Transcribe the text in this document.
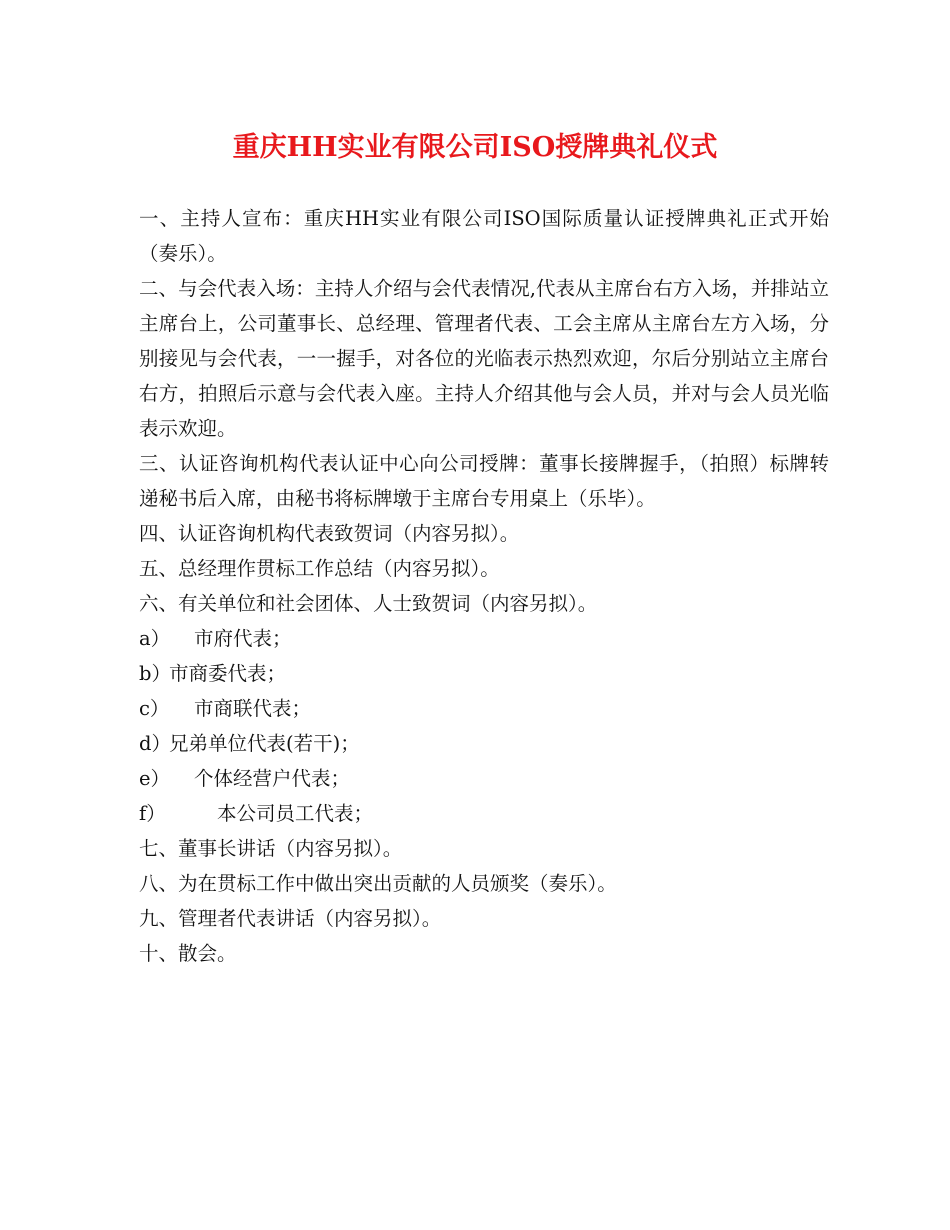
重庆HH实业有限公司ISO授牌典礼仪式

一、主持人宣布：重庆HH实业有限公司ISO国际质量认证授牌典礼正式开始（奏乐）。

二、与会代表入场：主持人介绍与会代表情况,代表从主席台右方入场，并排站立主席台上，公司董事长、总经理、管理者代表、工会主席从主席台左方入场，分别接见与会代表，一一握手，对各位的光临表示热烈欢迎，尔后分别站立主席台右方，拍照后示意与会代表入座。主持人介绍其他与会人员，并对与会人员光临表示欢迎。

三、认证咨询机构代表认证中心向公司授牌：董事长接牌握手，（拍照）标牌转递秘书后入席，由秘书将标牌墩于主席台专用桌上（乐毕）。

四、认证咨询机构代表致贺词（内容另拟）。

五、总经理作贯标工作总结（内容另拟）。

六、有关单位和社会团体、人士致贺词（内容另拟）。

a） 市府代表；
b）市商委代表；
c） 市商联代表；
d）兄弟单位代表(若干)；
e） 个体经营户代表；
f）	本公司员工代表；

七、董事长讲话（内容另拟）。

八、为在贯标工作中做出突出贡献的人员颁奖（奏乐）。

九、管理者代表讲话（内容另拟）。

十、散会。
